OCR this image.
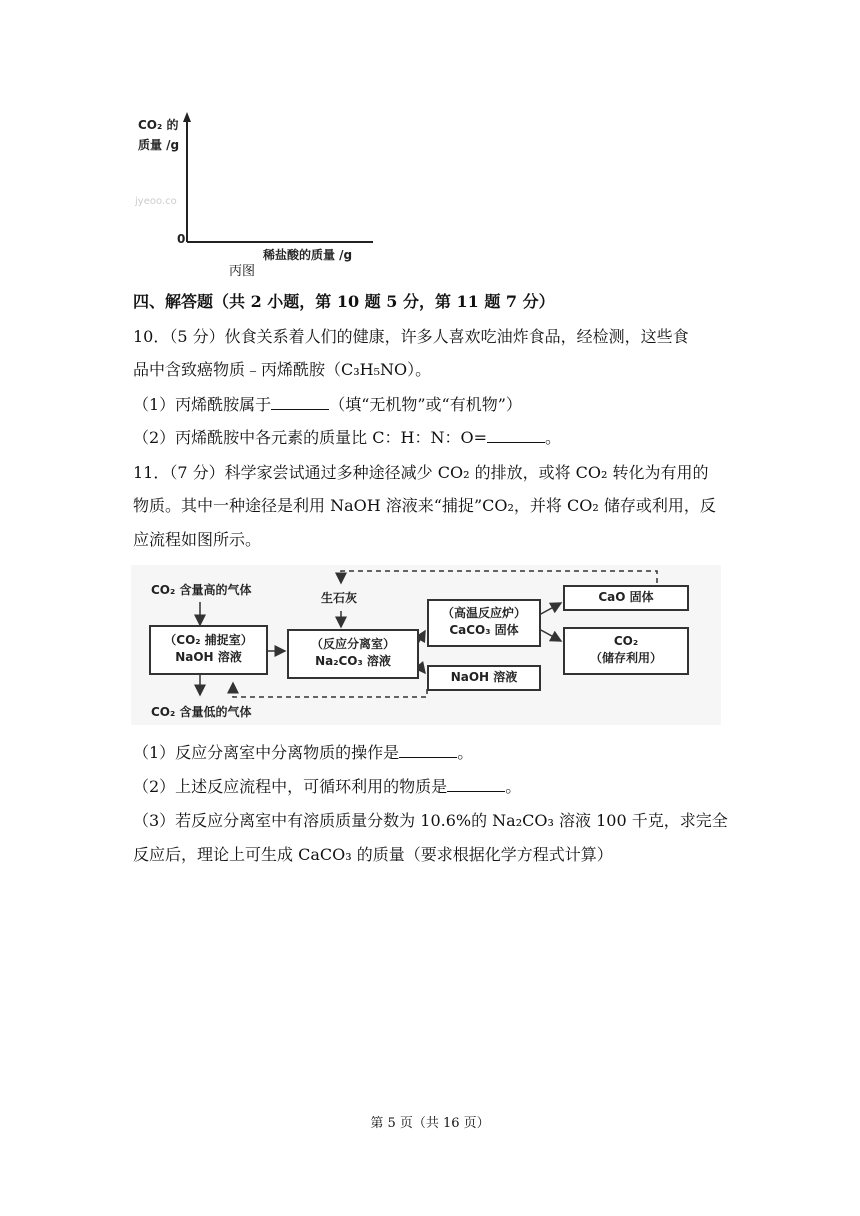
CO₂ 的
质量 /g
jyeoo.co
0
稀盐酸的质量 /g
丙图
四、解答题（共 2 小题，第 10 题 5 分，第 11 题 7 分）
10．（5 分）伙食关系着人们的健康，许多人喜欢吃油炸食品，经检测，这些食
品中含致癌物质﹣丙烯酰胺（C₃H₅NO）。
（1）丙烯酰胺属于	（填“无机物”或“有机物”）
（2）丙烯酰胺中各元素的质量比 C：H：N：O=	。
11．（7 分）科学家尝试通过多种途径减少 CO₂ 的排放，或将 CO₂ 转化为有用的
物质。其中一种途径是利用 NaOH 溶液来“捕捉”CO₂，并将 CO₂ 储存或利用，反
应流程如图所示。
CO₂ 含量高的气体
生石灰
（CO₂ 捕捉室）
NaOH 溶液
（反应分离室）
Na₂CO₃ 溶液
（高温反应炉）
CaCO₃ 固体
NaOH 溶液
CaO 固体
CO₂
（储存利用）
CO₂ 含量低的气体
（1）反应分离室中分离物质的操作是	。
（2）上述反应流程中，可循环利用的物质是	。
（3）若反应分离室中有溶质质量分数为 10.6%的 Na₂CO₃ 溶液 100 千克，求完全
反应后，理论上可生成 CaCO₃ 的质量（要求根据化学方程式计算）
第 5 页（共 16 页）
